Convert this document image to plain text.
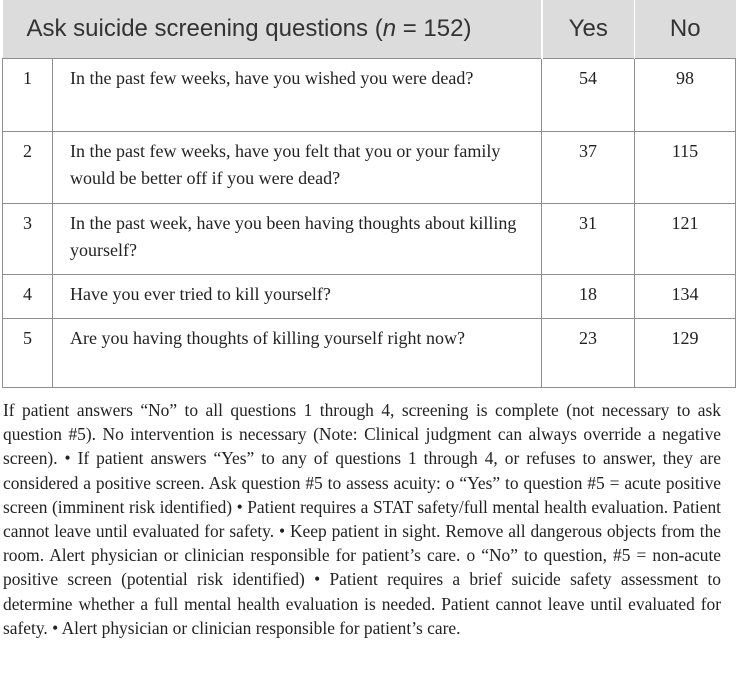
Ask suicide screening questions (n = 152)		Yes	No
1	In the past few weeks, have you wished you were dead?	54	98
2	In the past few weeks, have you felt that you or your family would be better off if you were dead?	37	115
3	In the past week, have you been having thoughts about killing yourself?	31	121
4	Have you ever tried to kill yourself?	18	134
5	Are you having thoughts of killing yourself right now?	23	129

If patient answers “No” to all questions 1 through 4, screening is complete (not necessary to ask question #5). No intervention is necessary (Note: Clinical judgment can always override a negative screen). • If patient answers “Yes” to any of questions 1 through 4, or refuses to answer, they are considered a positive screen. Ask question #5 to assess acuity: o “Yes” to question #5 = acute positive screen (imminent risk identified) • Patient requires a STAT safety/full mental health evaluation. Patient cannot leave until evaluated for safety. • Keep patient in sight. Remove all dangerous objects from the room. Alert physician or clinician responsible for patient’s care. o “No” to question, #5 = non-acute positive screen (potential risk identified) • Patient requires a brief suicide safety assessment to determine whether a full mental health evaluation is needed. Patient cannot leave until evaluated for safety. • Alert physician or clinician responsible for patient’s care.
